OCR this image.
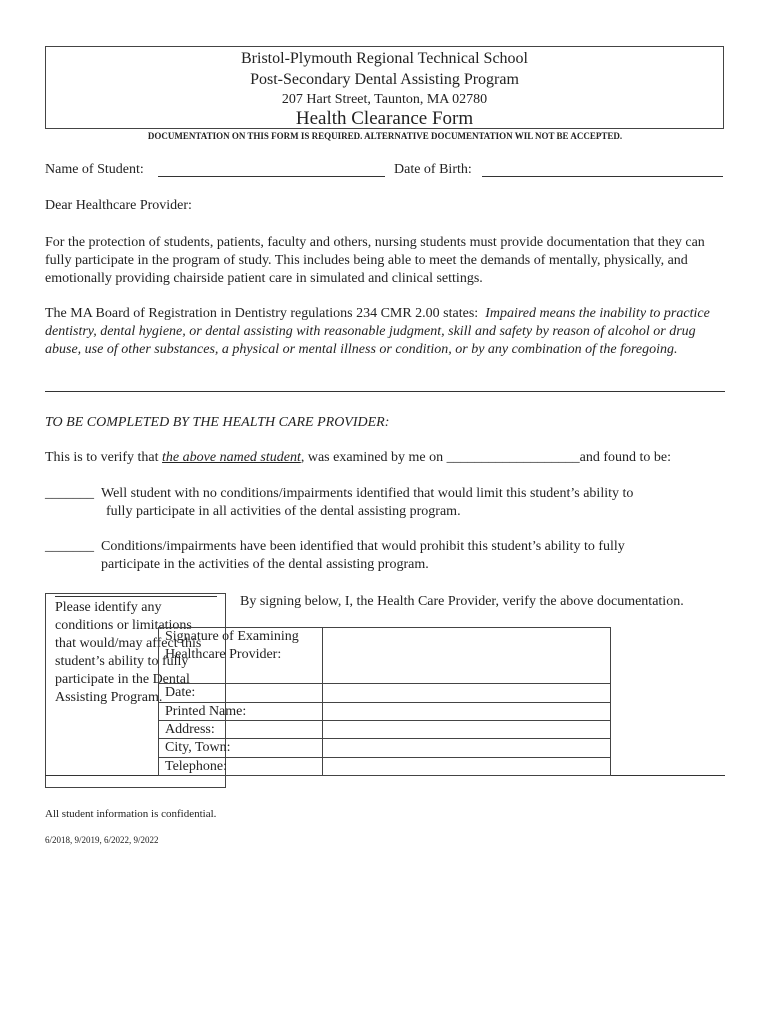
Bristol-Plymouth Regional Technical School
Post-Secondary Dental Assisting Program
207 Hart Street, Taunton, MA 02780
Health Clearance Form
DOCUMENTATION ON THIS FORM IS REQUIRED. ALTERNATIVE DOCUMENTATION WIL NOT BE ACCEPTED.
Name of Student:	Date of Birth:
Dear Healthcare Provider:
For the protection of students, patients, faculty and others, nursing students must provide documentation that they can fully participate in the program of study. This includes being able to meet the demands of mentally, physically, and emotionally providing chairside patient care in simulated and clinical settings.
The MA Board of Registration in Dentistry regulations 234 CMR 2.00 states: Impaired means the inability to practice dentistry, dental hygiene, or dental assisting with reasonable judgment, skill and safety by reason of alcohol or drug abuse, use of other substances, a physical or mental illness or condition, or by any combination of the foregoing.
TO BE COMPLETED BY THE HEALTH CARE PROVIDER:
This is to verify that the above named student, was examined by me on ___________________and found to be:
_______ Well student with no conditions/impairments identified that would limit this student’s ability to
fully participate in all activities of the dental assisting program.
_______ Conditions/impairments have been identified that would prohibit this student’s ability to fully
participate in the activities of the dental assisting program.
Please identify any
conditions or limitations
that would/may affect this
student’s ability to fully
participate in the Dental
Assisting Program.
By signing below, I, the Health Care Provider, verify the above documentation.
Signature of Examining
Healthcare Provider:
Date:
Printed Name:
Address:
City, Town:
Telephone:
All student information is confidential.
6/2018, 9/2019, 6/2022, 9/2022
